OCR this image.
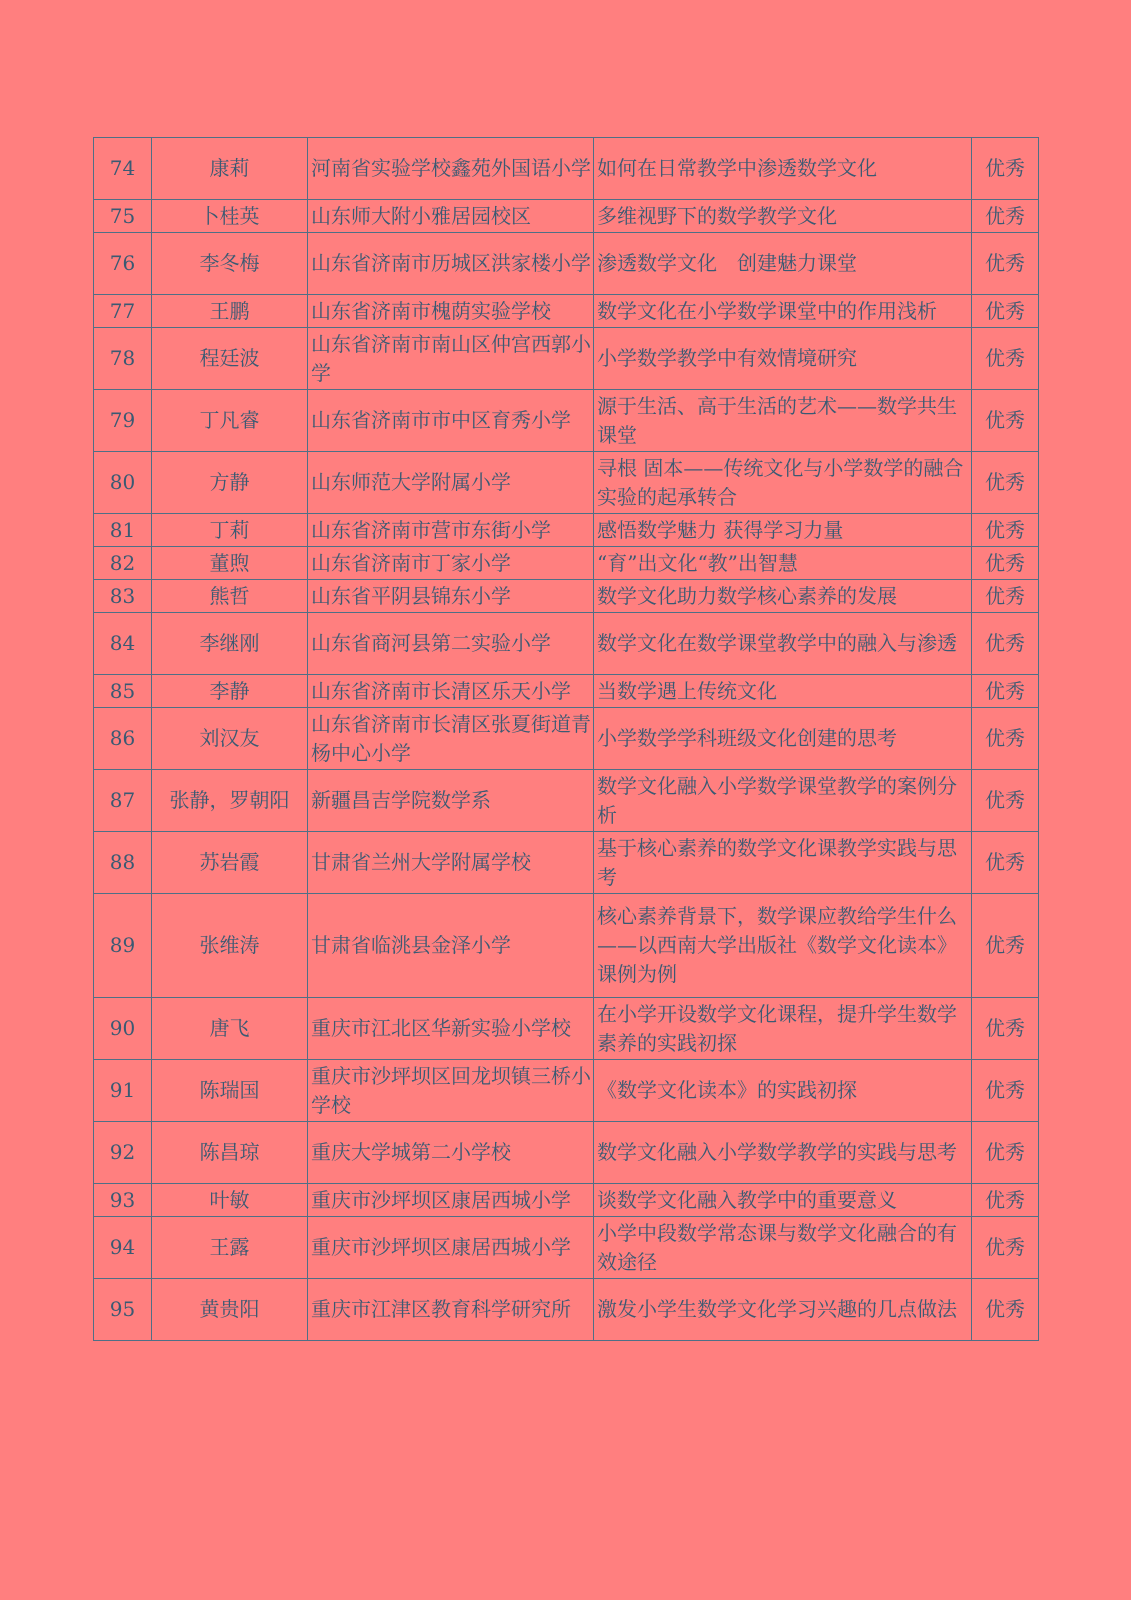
74	康莉	河南省实验学校鑫苑外国语小学	如何在日常教学中渗透数学文化	优秀
75	卜桂英	山东师大附小雅居园校区	多维视野下的数学教学文化	优秀
76	李冬梅	山东省济南市历城区洪家楼小学	渗透数学文化　创建魅力课堂	优秀
77	王鹏	山东省济南市槐荫实验学校	数学文化在小学数学课堂中的作用浅析	优秀
78	程廷波	山东省济南市南山区仲宫西郭小学	小学数学教学中有效情境研究	优秀
79	丁凡睿	山东省济南市市中区育秀小学	源于生活、高于生活的艺术——数学共生课堂	优秀
80	方静	山东师范大学附属小学	寻根 固本——传统文化与小学数学的融合实验的起承转合	优秀
81	丁莉	山东省济南市营市东街小学	感悟数学魅力 获得学习力量	优秀
82	董煦	山东省济南市丁家小学	“育”出文化“教”出智慧	优秀
83	熊哲	山东省平阴县锦东小学	数学文化助力数学核心素养的发展	优秀
84	李继刚	山东省商河县第二实验小学	数学文化在数学课堂教学中的融入与渗透	优秀
85	李静	山东省济南市长清区乐天小学	当数学遇上传统文化	优秀
86	刘汉友	山东省济南市长清区张夏街道青杨中心小学	小学数学学科班级文化创建的思考	优秀
87	张静，罗朝阳	新疆昌吉学院数学系	数学文化融入小学数学课堂教学的案例分析	优秀
88	苏岩霞	甘肃省兰州大学附属学校	基于核心素养的数学文化课教学实践与思考	优秀
89	张维涛	甘肃省临洮县金泽小学	核心素养背景下，数学课应教给学生什么——以西南大学出版社《数学文化读本》课例为例	优秀
90	唐飞	重庆市江北区华新实验小学校	在小学开设数学文化课程，提升学生数学素养的实践初探	优秀
91	陈瑞国	重庆市沙坪坝区回龙坝镇三桥小学校	《数学文化读本》的实践初探	优秀
92	陈昌琼	重庆大学城第二小学校	数学文化融入小学数学教学的实践与思考	优秀
93	叶敏	重庆市沙坪坝区康居西城小学	谈数学文化融入教学中的重要意义	优秀
94	王露	重庆市沙坪坝区康居西城小学	小学中段数学常态课与数学文化融合的有效途径	优秀
95	黄贵阳	重庆市江津区教育科学研究所	激发小学生数学文化学习兴趣的几点做法	优秀
